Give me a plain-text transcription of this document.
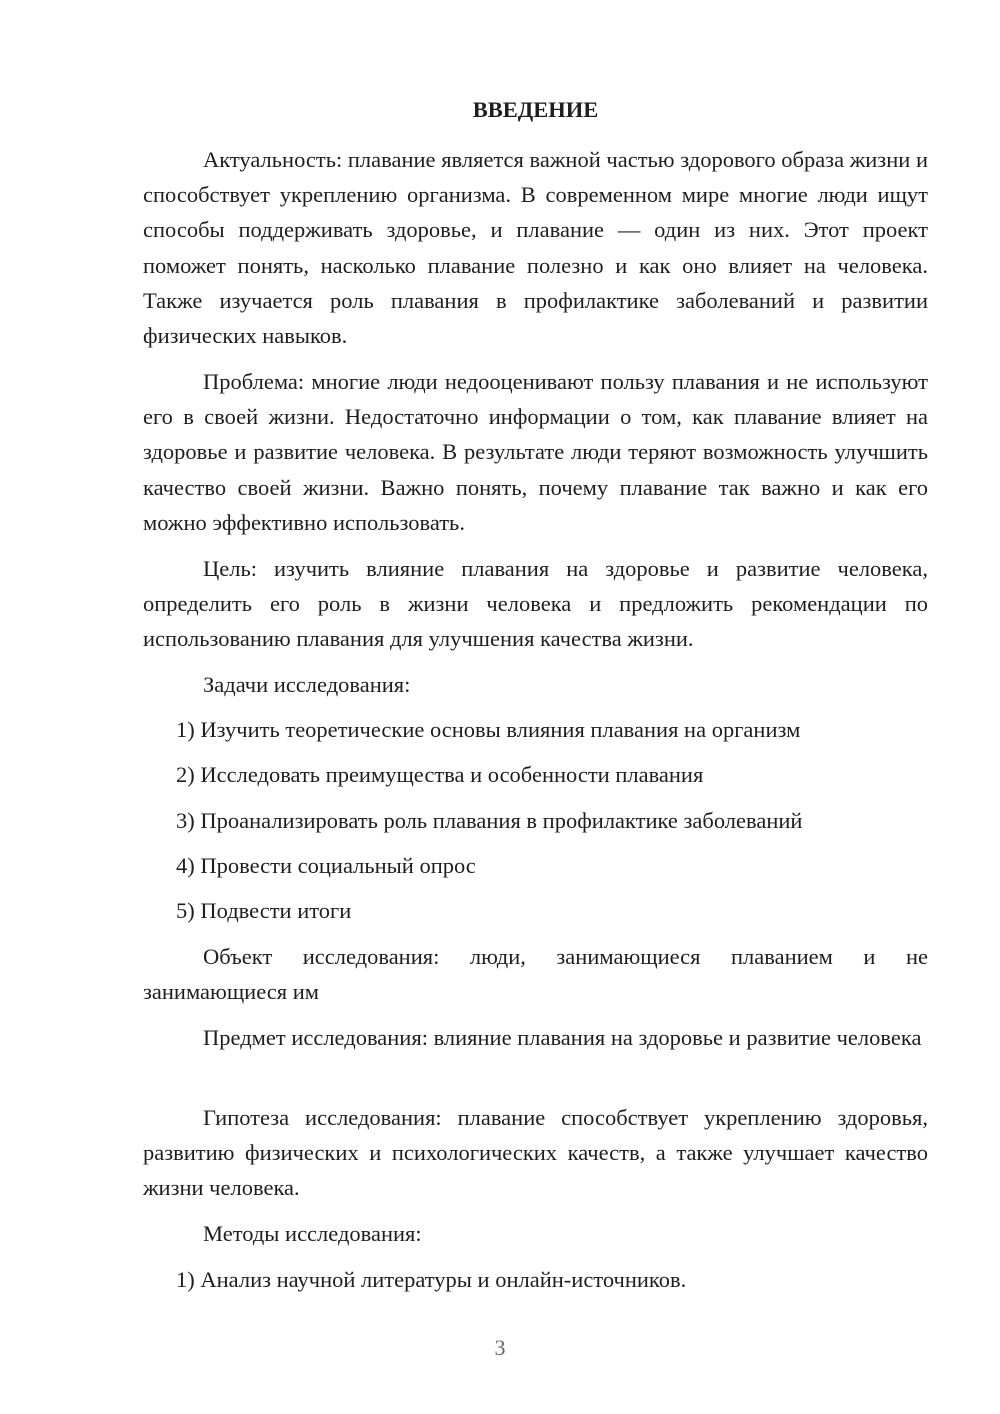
ВВЕДЕНИЕ

Актуальность: плавание является важной частью здорового образа жизни и способствует укреплению организма. В современном мире многие люди ищут способы поддерживать здоровье, и плавание — один из них. Этот проект поможет понять, насколько плавание полезно и как оно влияет на человека. Также изучается роль плавания в профилактике заболеваний и развитии физических навыков.

Проблема: многие люди недооценивают пользу плавания и не используют его в своей жизни. Недостаточно информации о том, как плавание влияет на здоровье и развитие человека. В результате люди теряют возможность улучшить качество своей жизни. Важно понять, почему плавание так важно и как его можно эффективно использовать.

Цель: изучить влияние плавания на здоровье и развитие человека, определить его роль в жизни человека и предложить рекомендации по использованию плавания для улучшения качества жизни.

Задачи исследования:

1) Изучить теоретические основы влияния плавания на организм

2) Исследовать преимущества и особенности плавания

3) Проанализировать роль плавания в профилактике заболеваний

4) Провести социальный опрос

5) Подвести итоги

Объект исследования: люди, занимающиеся плаванием и не занимающиеся им

Предмет исследования: влияние плавания на здоровье и развитие человека

Гипотеза исследования: плавание способствует укреплению здоровья, развитию физических и психологических качеств, а также улучшает качество жизни человека.

Методы исследования:

1) Анализ научной литературы и онлайн-источников.

3
